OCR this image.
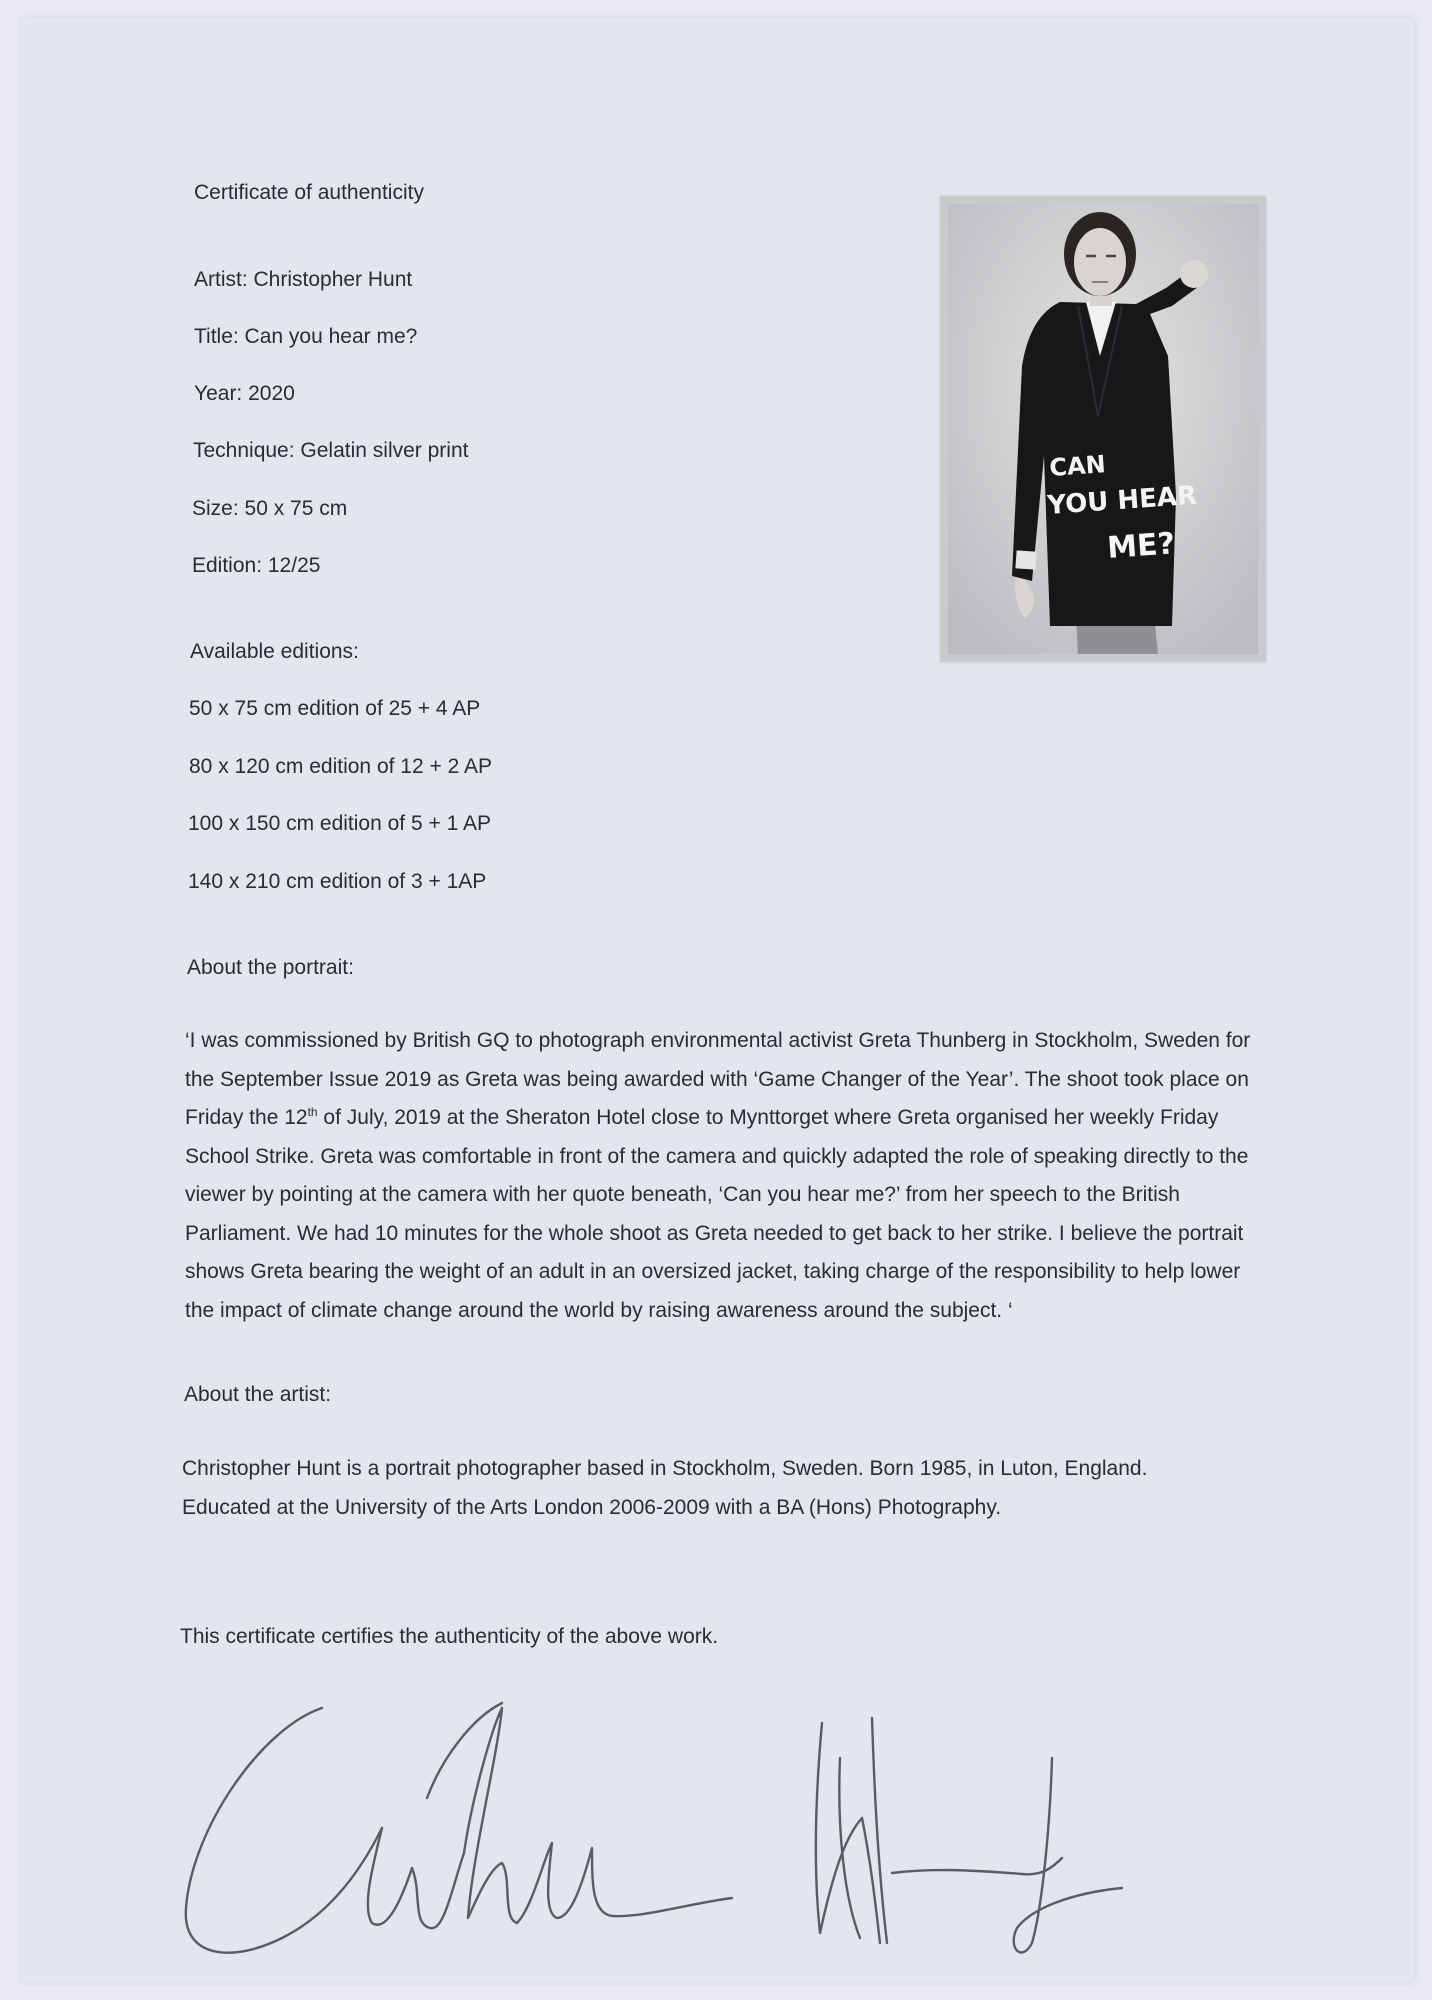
Certificate of authenticity
Artist: Christopher Hunt
Title: Can you hear me?
Year: 2020
Technique: Gelatin silver print
Size: 50 x 75 cm
Edition: 12/25
Available editions:
50 x 75 cm edition of 25 + 4 AP
80 x 120 cm edition of 12 + 2 AP
100 x 150 cm edition of 5 + 1 AP
140 x 210 cm edition of 3 + 1AP
About the portrait:
‘I was commissioned by British GQ to photograph environmental activist Greta Thunberg in Stockholm, Sweden for the September Issue 2019 as Greta was being awarded with ‘Game Changer of the Year’. The shoot took place on Friday the 12th of July, 2019 at the Sheraton Hotel close to Mynttorget where Greta organised her weekly Friday School Strike. Greta was comfortable in front of the camera and quickly adapted the role of speaking directly to the viewer by pointing at the camera with her quote beneath, ‘Can you hear me?’ from her speech to the British Parliament. We had 10 minutes for the whole shoot as Greta needed to get back to her strike. I believe the portrait shows Greta bearing the weight of an adult in an oversized jacket, taking charge of the responsibility to help lower the impact of climate change around the world by raising awareness around the subject. ‘
About the artist:
Christopher Hunt is a portrait photographer based in Stockholm, Sweden. Born 1985, in Luton, England. Educated at the University of the Arts London 2006-2009 with a BA (Hons) Photography.
This certificate certifies the authenticity of the above work.
CAN
YOU HEAR
ME?
Christopher Hunt
